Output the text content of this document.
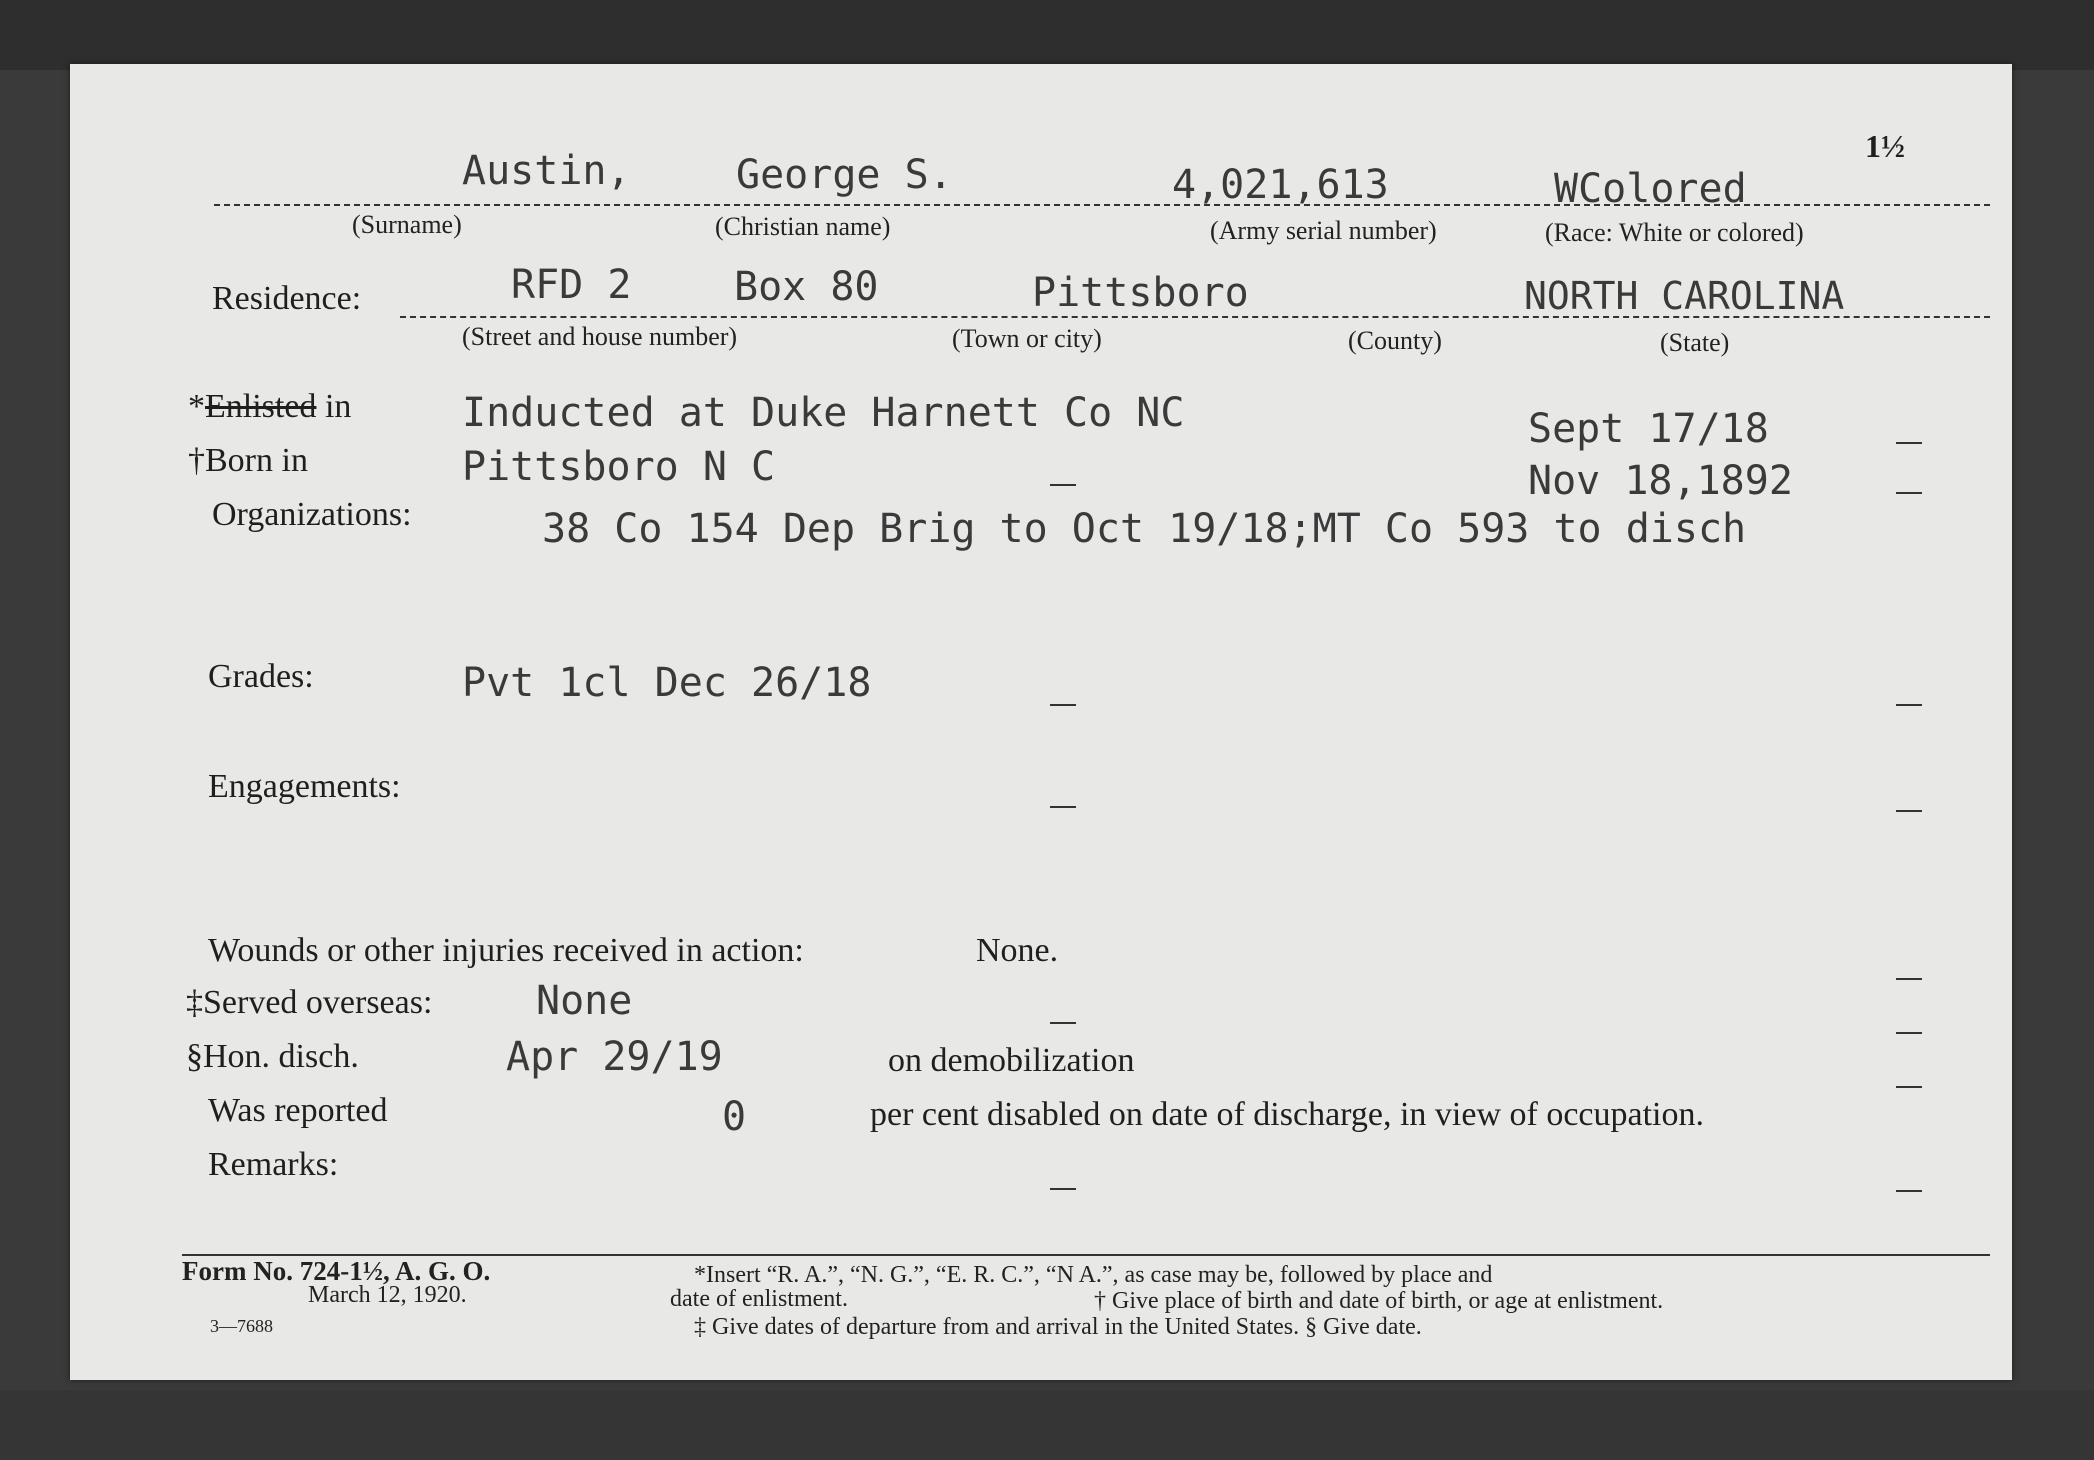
1½
Austin,	George S.	4,021,613	WColored
(Surname)	(Christian name)	(Army serial number)	(Race: White or colored)
Residence:	RFD 2	Box 80	Pittsboro	NORTH CAROLINA
(Street and house number)	(Town or city)	(County)	(State)
*Enlisted in	Inducted at Duke Harnett Co NC	Sept 17/18
†Born in	Pittsboro N C	Nov 18,1892
Organizations:	38 Co 154 Dep Brig to Oct 19/18;MT Co 593 to disch
Grades:	Pvt 1cl Dec 26/18
Engagements:
Wounds or other injuries received in action:	None.
‡Served overseas:	None
§Hon. disch.	Apr 29/19	on demobilization
Was reported	0	per cent disabled on date of discharge, in view of occupation.
Remarks:
Form No. 724-1½, A. G. O.
March 12, 1920.
3—7688
*Insert “R. A.”, “N. G.”, “E. R. C.”, “N A.”, as case may be, followed by place and
date of enlistment.	† Give place of birth and date of birth, or age at enlistment.
‡ Give dates of departure from and arrival in the United States. § Give date.
